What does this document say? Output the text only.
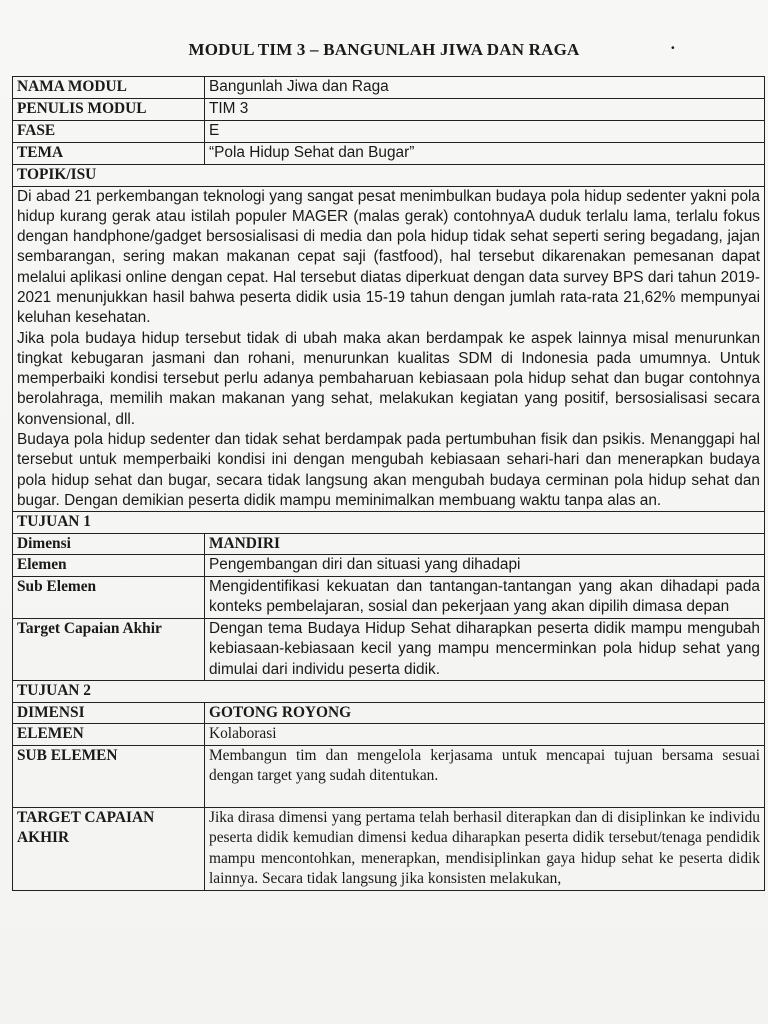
MODUL TIM 3 – BANGUNLAH JIWA DAN RAGA	·
NAMA MODUL	Bangunlah Jiwa dan Raga
PENULIS MODUL	TIM 3
FASE	E
TEMA	“Pola Hidup Sehat dan Bugar”
TOPIK/ISU	

Di abad 21 perkembangan teknologi yang sangat pesat menimbulkan budaya pola hidup sedenter yakni pola hidup kurang gerak atau istilah populer MAGER (malas gerak) contohnyaA duduk terlalu lama, terlalu fokus dengan handphone/gadget bersosialisasi di media dan pola hidup tidak sehat seperti sering begadang, jajan sembarangan, sering makan makanan cepat saji (fastfood), hal tersebut dikarenakan pemesanan dapat melalui aplikasi online dengan cepat. Hal tersebut diatas diperkuat dengan data survey BPS dari tahun 2019-2021 menunjukkan hasil bahwa peserta didik usia 15-19 tahun dengan jumlah rata-rata 21,62% mempunyai keluhan kesehatan.

Jika pola budaya hidup tersebut tidak di ubah maka akan berdampak ke aspek lainnya misal menurunkan tingkat kebugaran jasmani dan rohani, menurunkan kualitas SDM di Indonesia pada umumnya. Untuk memperbaiki kondisi tersebut perlu adanya pembaharuan kebiasaan pola hidup sehat dan bugar contohnya berolahraga, memilih makan makanan yang sehat, melakukan kegiatan yang positif, bersosialisasi secara konvensional, dll.

Budaya pola hidup sedenter dan tidak sehat berdampak pada pertumbuhan fisik dan psikis. Menanggapi hal tersebut untuk memperbaiki kondisi ini dengan mengubah kebiasaan sehari-hari dan menerapkan budaya pola hidup sehat dan bugar, secara tidak langsung akan mengubah budaya cerminan pola hidup sehat dan bugar. Dengan demikian peserta didik mampu meminimalkan membuang waktu tanpa alas an.	

TUJUAN 1	
Dimensi	MANDIRI
Elemen	Pengembangan diri dan situasi yang dihadapi
Sub Elemen	Mengidentifikasi kekuatan dan tantangan-tantangan yang akan dihadapi pada konteks pembelajaran, sosial dan pekerjaan yang akan dipilih dimasa depan
Target Capaian Akhir	Dengan tema Budaya Hidup Sehat diharapkan peserta didik mampu mengubah kebiasaan-kebiasaan kecil yang mampu mencerminkan pola hidup sehat yang dimulai dari individu peserta didik.
TUJUAN 2	
DIMENSI	GOTONG ROYONG
ELEMEN	Kolaborasi
SUB ELEMEN	Membangun tim dan mengelola kerjasama untuk mencapai tujuan bersama sesuai dengan target yang sudah ditentukan.
TARGET CAPAIAN AKHIR	Jika dirasa dimensi yang pertama telah berhasil diterapkan dan di disiplinkan ke individu peserta didik kemudian dimensi kedua diharapkan peserta didik tersebut/tenaga pendidik mampu mencontohkan, menerapkan, mendisiplinkan gaya hidup sehat ke peserta didik lainnya. Secara tidak langsung jika konsisten melakukan,
